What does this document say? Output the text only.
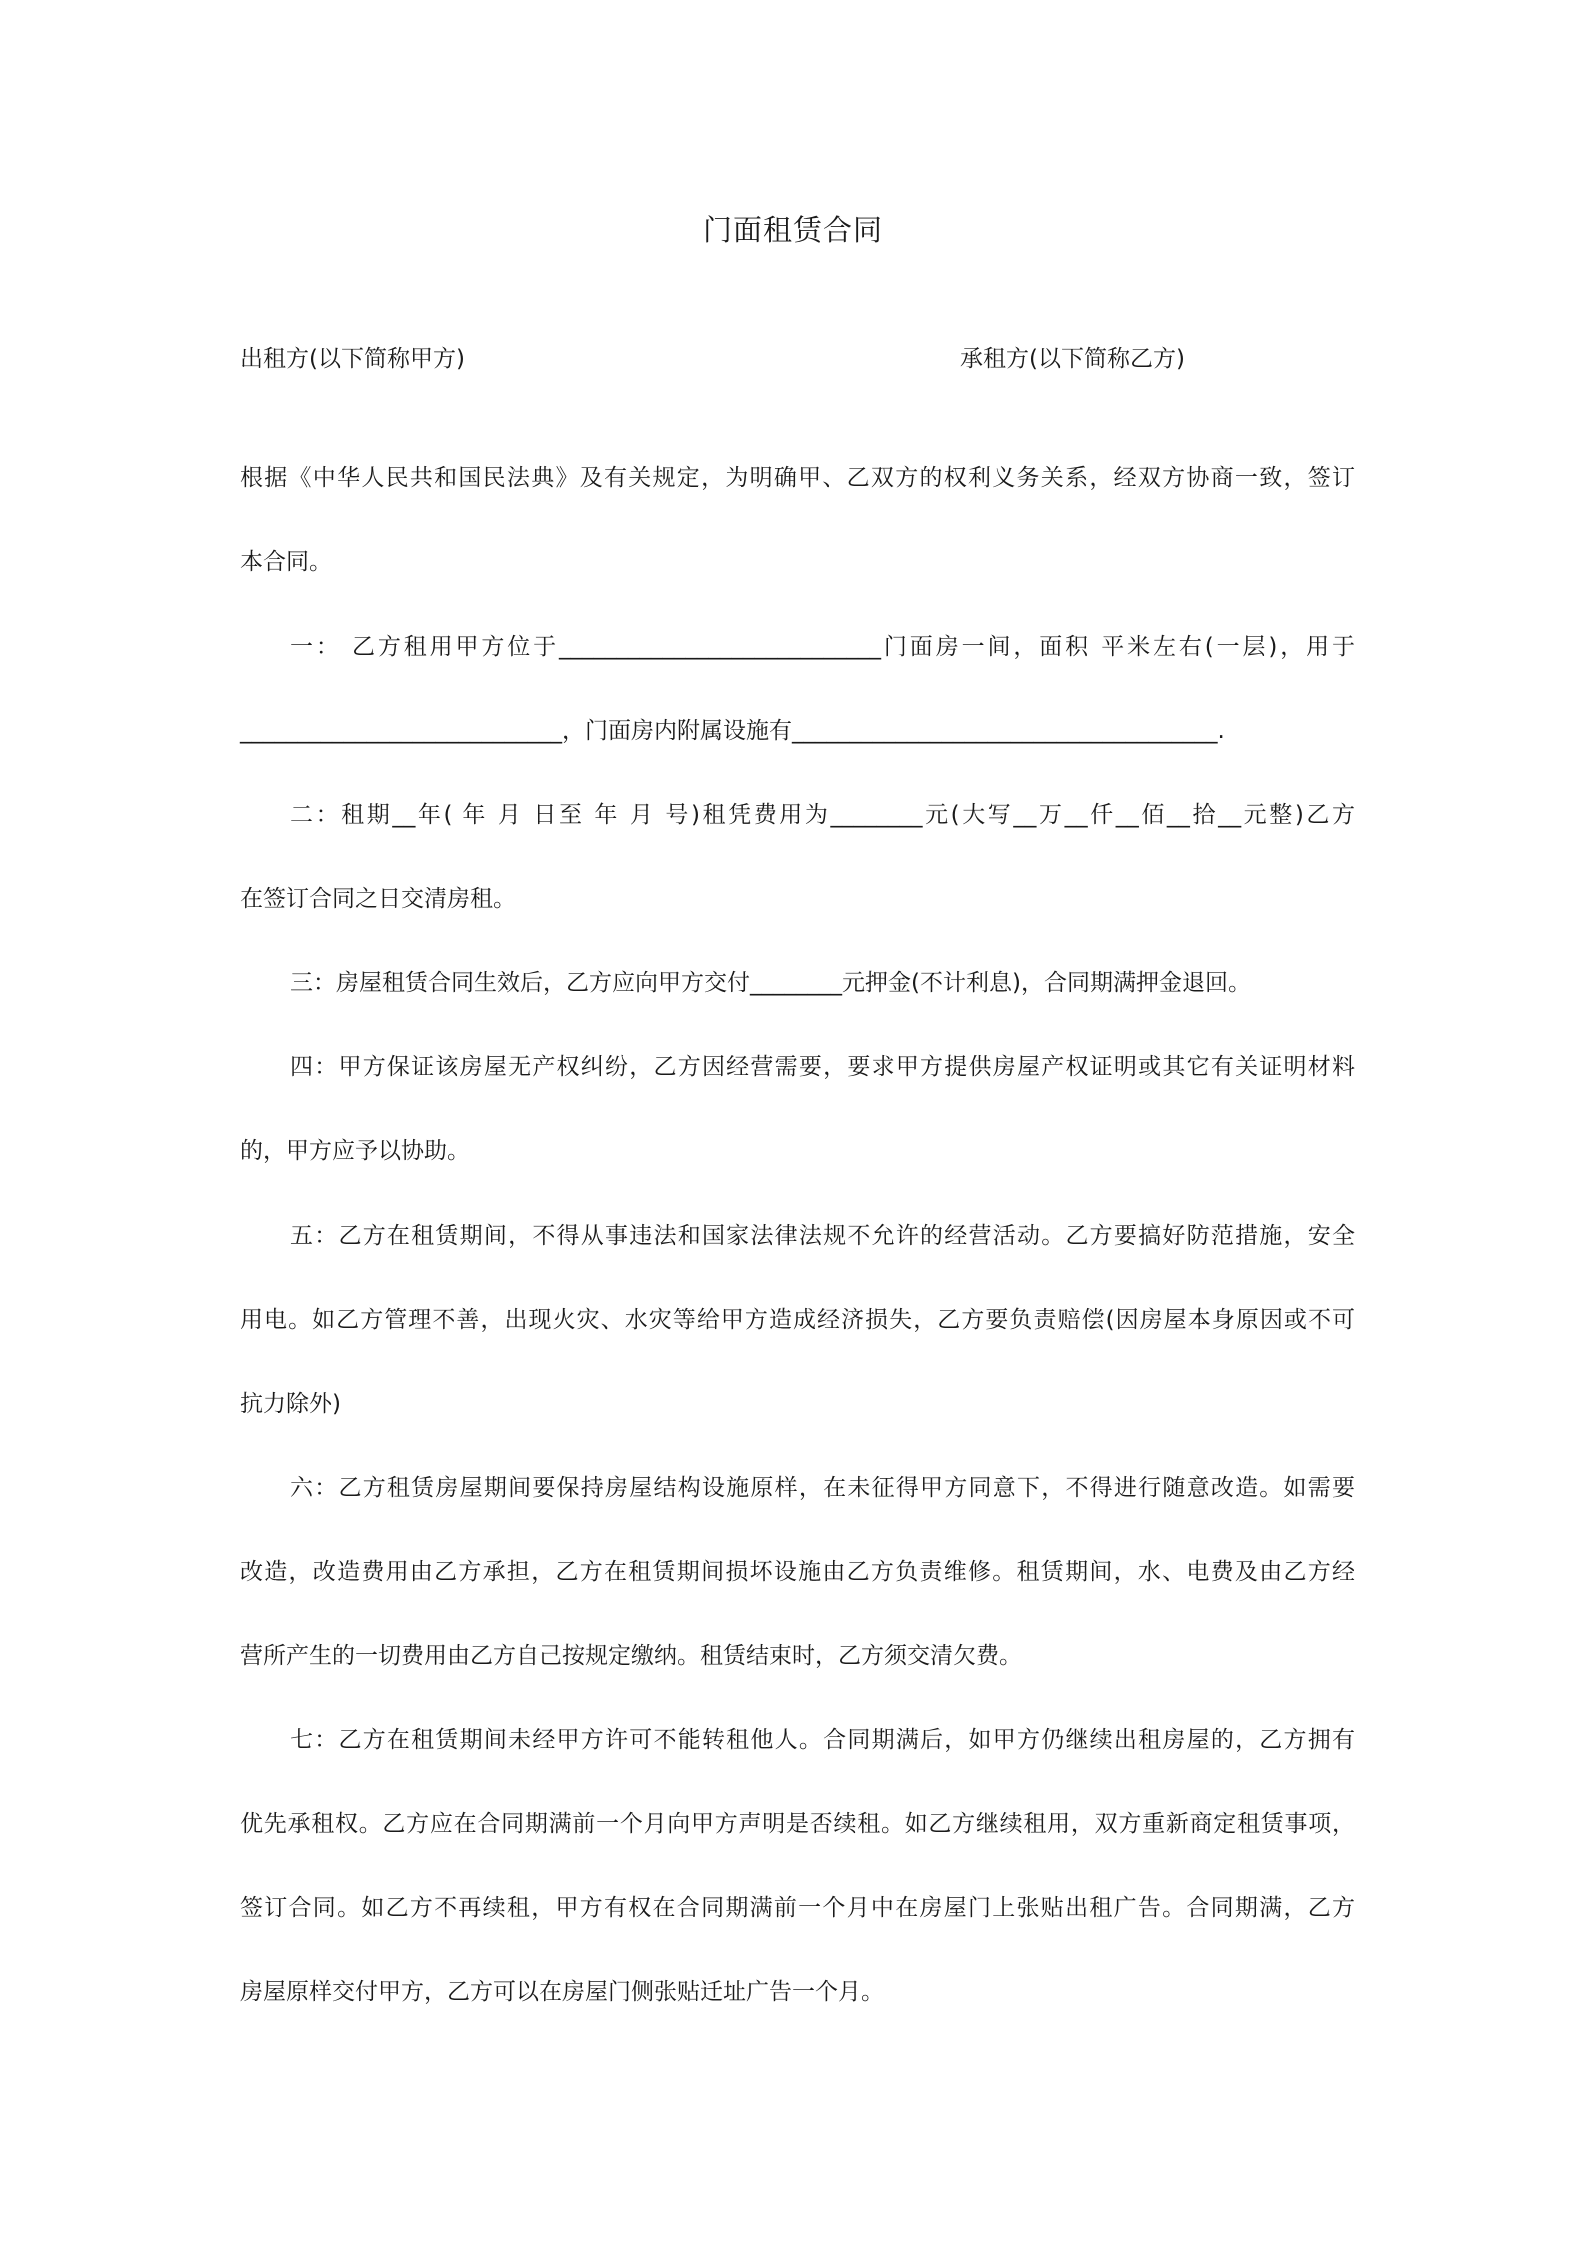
门面租赁合同
出租方(以下简称甲方)	承租方(以下简称乙方)
根据《中华人民共和国民法典》及有关规定，为明确甲、乙双方的权利义务关系，经双方协商一致，签订
本合同。
一： 乙方租用甲方位于____________________________门面房一间，面积 平米左右(一层)，用于
____________________________，门面房内附属设施有_____________________________________.
二：租期__年( 年 月 日至 年 月 号)租凭费用为________元(大写__万__仟__佰__拾__元整)乙方
在签订合同之日交清房租。
三：房屋租赁合同生效后，乙方应向甲方交付________元押金(不计利息)，合同期满押金退回。
四：甲方保证该房屋无产权纠纷，乙方因经营需要，要求甲方提供房屋产权证明或其它有关证明材料
的，甲方应予以协助。
五：乙方在租赁期间，不得从事违法和国家法律法规不允许的经营活动。乙方要搞好防范措施，安全
用电。如乙方管理不善，出现火灾、水灾等给甲方造成经济损失，乙方要负责赔偿(因房屋本身原因或不可
抗力除外)
六：乙方租赁房屋期间要保持房屋结构设施原样，在未征得甲方同意下，不得进行随意改造。如需要
改造，改造费用由乙方承担，乙方在租赁期间损坏设施由乙方负责维修。租赁期间，水、电费及由乙方经
营所产生的一切费用由乙方自己按规定缴纳。租赁结束时，乙方须交清欠费。
七：乙方在租赁期间未经甲方许可不能转租他人。合同期满后，如甲方仍继续出租房屋的，乙方拥有
优先承租权。乙方应在合同期满前一个月向甲方声明是否续租。如乙方继续租用，双方重新商定租赁事项，
签订合同。如乙方不再续租，甲方有权在合同期满前一个月中在房屋门上张贴出租广告。合同期满，乙方
房屋原样交付甲方，乙方可以在房屋门侧张贴迁址广告一个月。
